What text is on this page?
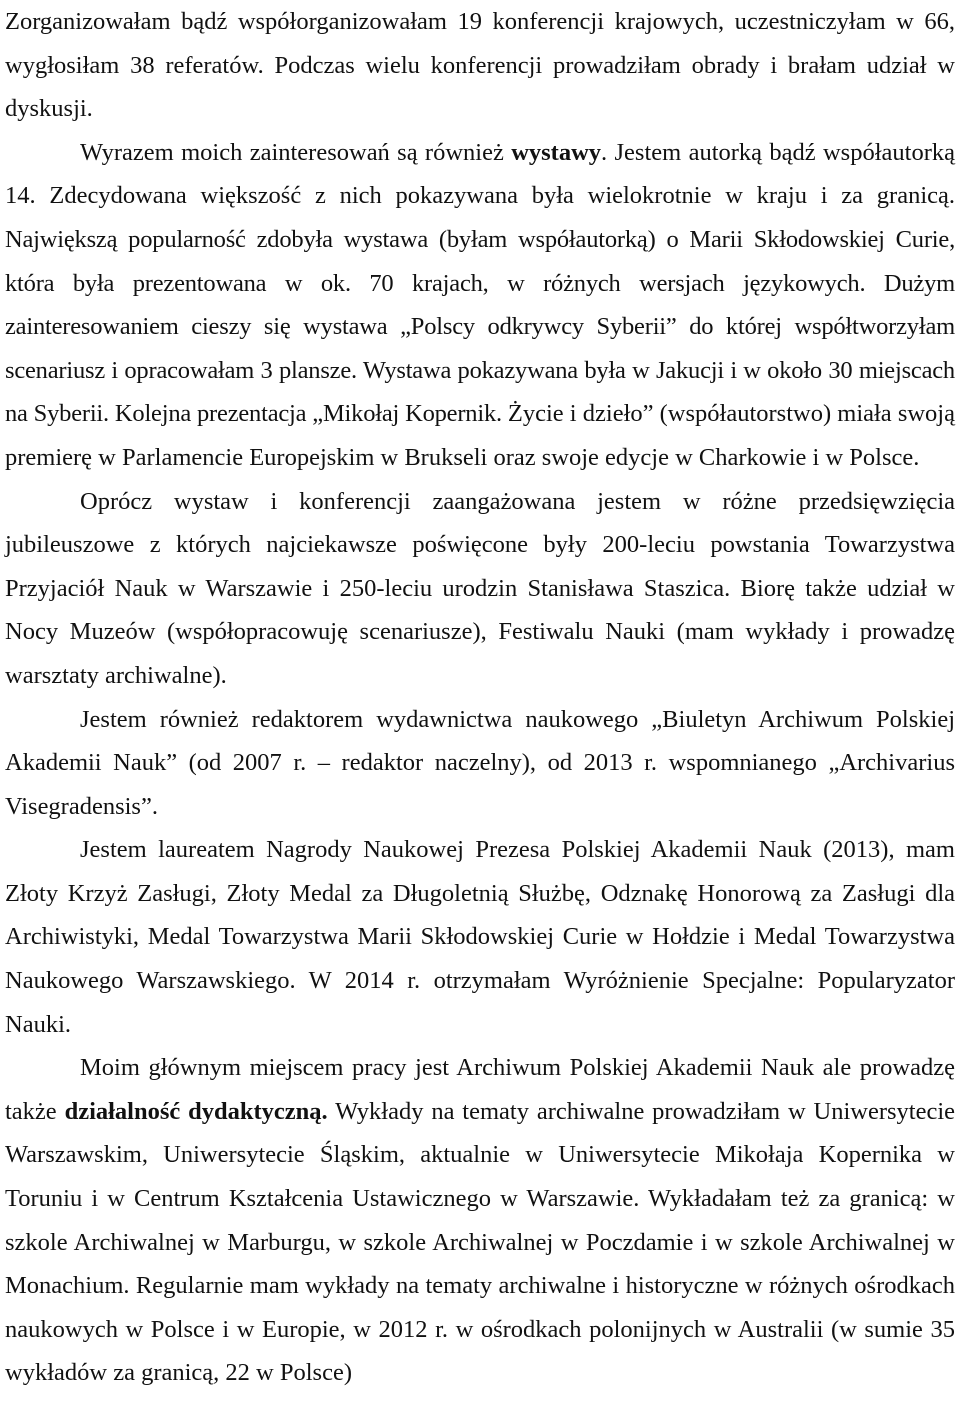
Zorganizowałam bądź współorganizowałam 19 konferencji krajowych, uczestniczyłam w 66, wygłosiłam 38 referatów. Podczas wielu konferencji prowadziłam obrady i brałam udział w dyskusji.

Wyrazem moich zainteresowań są również wystawy. Jestem autorką bądź współautorką 14. Zdecydowana większość z nich pokazywana była wielokrotnie w kraju i za granicą. Największą popularność zdobyła wystawa (byłam współautorką) o Marii Skłodowskiej Curie, która była prezentowana w ok. 70 krajach, w różnych wersjach językowych. Dużym zainteresowaniem cieszy się wystawa „Polscy odkrywcy Syberii” do której współtworzyłam scenariusz i opracowałam 3 plansze. Wystawa pokazywana była w Jakucji i w około 30 miejscach na Syberii. Kolejna prezentacja „Mikołaj Kopernik. Życie i dzieło” (współautorstwo) miała swoją premierę w Parlamencie Europejskim w Brukseli oraz swoje edycje w Charkowie i w Polsce.

Oprócz wystaw i konferencji zaangażowana jestem w różne przedsięwzięcia jubileuszowe z których najciekawsze poświęcone były 200-leciu powstania Towarzystwa Przyjaciół Nauk w Warszawie i 250-leciu urodzin Stanisława Staszica. Biorę także udział w Nocy Muzeów (współopracowuję scenariusze), Festiwalu Nauki (mam wykłady i prowadzę warsztaty archiwalne).

Jestem również redaktorem wydawnictwa naukowego „Biuletyn Archiwum Polskiej Akademii Nauk” (od 2007 r. – redaktor naczelny), od 2013 r. wspomnianego „Archivarius Visegradensis”.

Jestem laureatem Nagrody Naukowej Prezesa Polskiej Akademii Nauk (2013), mam Złoty Krzyż Zasługi, Złoty Medal za Długoletnią Służbę, Odznakę Honorową za Zasługi dla Archiwistyki, Medal Towarzystwa Marii Skłodowskiej Curie w Hołdzie i Medal Towarzystwa Naukowego Warszawskiego. W 2014 r. otrzymałam Wyróżnienie Specjalne: Popularyzator Nauki.

Moim głównym miejscem pracy jest Archiwum Polskiej Akademii Nauk ale prowadzę także działalność dydaktyczną. Wykłady na tematy archiwalne prowadziłam w Uniwersytecie Warszawskim, Uniwersytecie Śląskim, aktualnie w Uniwersytecie Mikołaja Kopernika w Toruniu i w Centrum Kształcenia Ustawicznego w Warszawie. Wykładałam też za granicą: w szkole Archiwalnej w Marburgu, w szkole Archiwalnej w Poczdamie i w szkole Archiwalnej w Monachium. Regularnie mam wykłady na tematy archiwalne i historyczne w różnych ośrodkach naukowych w Polsce i w Europie, w 2012 r. w ośrodkach polonijnych w Australii (w sumie 35 wykładów za granicą, 22 w Polsce)
